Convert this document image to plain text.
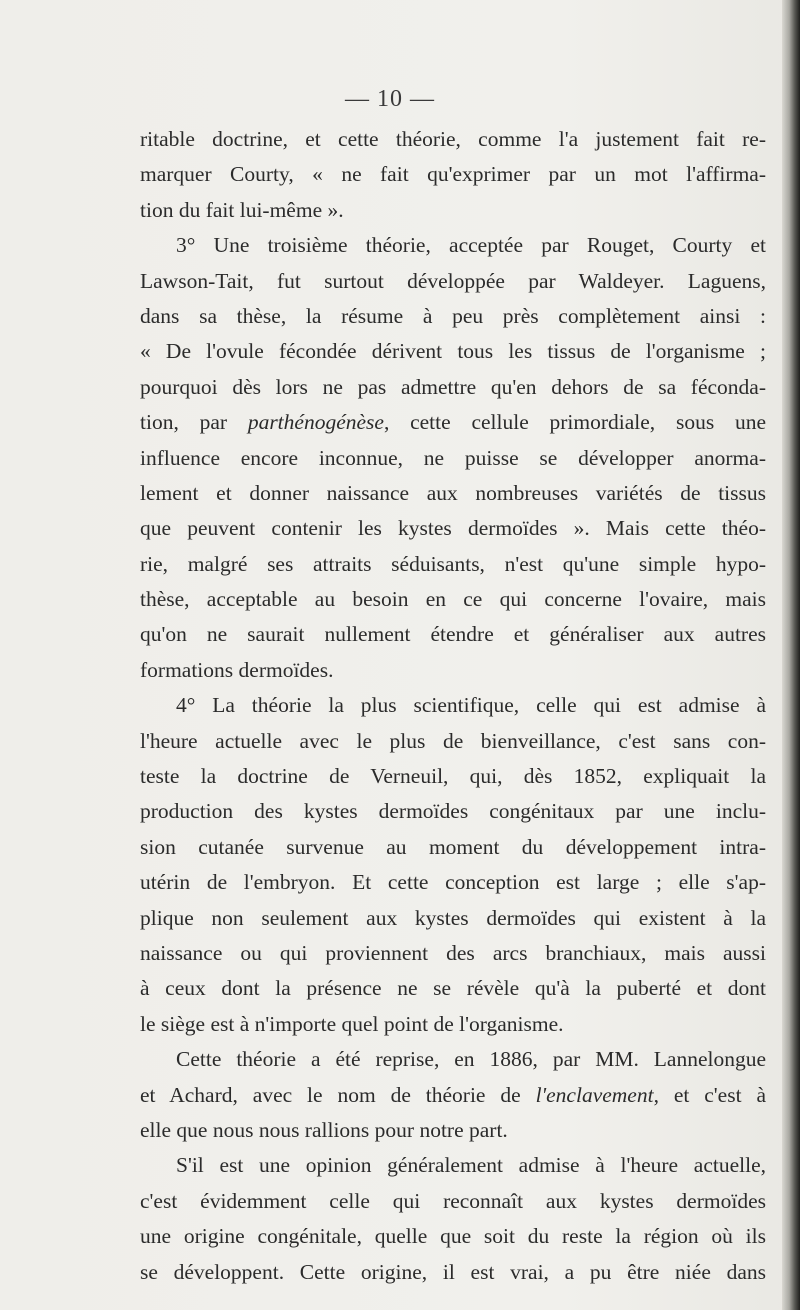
— 10 —
ritable doctrine, et cette théorie, comme l'a justement fait re-
marquer Courty, « ne fait qu'exprimer par un mot l'affirma-
tion du fait lui-même ».
3° Une troisième théorie, acceptée par Rouget, Courty et
Lawson-Tait, fut surtout développée par Waldeyer. Laguens,
dans sa thèse, la résume à peu près complètement ainsi :
« De l'ovule fécondée dérivent tous les tissus de l'organisme ;
pourquoi dès lors ne pas admettre qu'en dehors de sa féconda-
tion, par parthénogénèse, cette cellule primordiale, sous une
influence encore inconnue, ne puisse se développer anorma-
lement et donner naissance aux nombreuses variétés de tissus
que peuvent contenir les kystes dermoïdes ». Mais cette théo-
rie, malgré ses attraits séduisants, n'est qu'une simple hypo-
thèse, acceptable au besoin en ce qui concerne l'ovaire, mais
qu'on ne saurait nullement étendre et généraliser aux autres
formations dermoïdes.
4° La théorie la plus scientifique, celle qui est admise à
l'heure actuelle avec le plus de bienveillance, c'est sans con-
teste la doctrine de Verneuil, qui, dès 1852, expliquait la
production des kystes dermoïdes congénitaux par une inclu-
sion cutanée survenue au moment du développement intra-
utérin de l'embryon. Et cette conception est large ; elle s'ap-
plique non seulement aux kystes dermoïdes qui existent à la
naissance ou qui proviennent des arcs branchiaux, mais aussi
à ceux dont la présence ne se révèle qu'à la puberté et dont
le siège est à n'importe quel point de l'organisme.
Cette théorie a été reprise, en 1886, par MM. Lannelongue
et Achard, avec le nom de théorie de l'enclavement, et c'est à
elle que nous nous rallions pour notre part.
S'il est une opinion généralement admise à l'heure actuelle,
c'est évidemment celle qui reconnaît aux kystes dermoïdes
une origine congénitale, quelle que soit du reste la région où ils
se développent. Cette origine, il est vrai, a pu être niée dans
